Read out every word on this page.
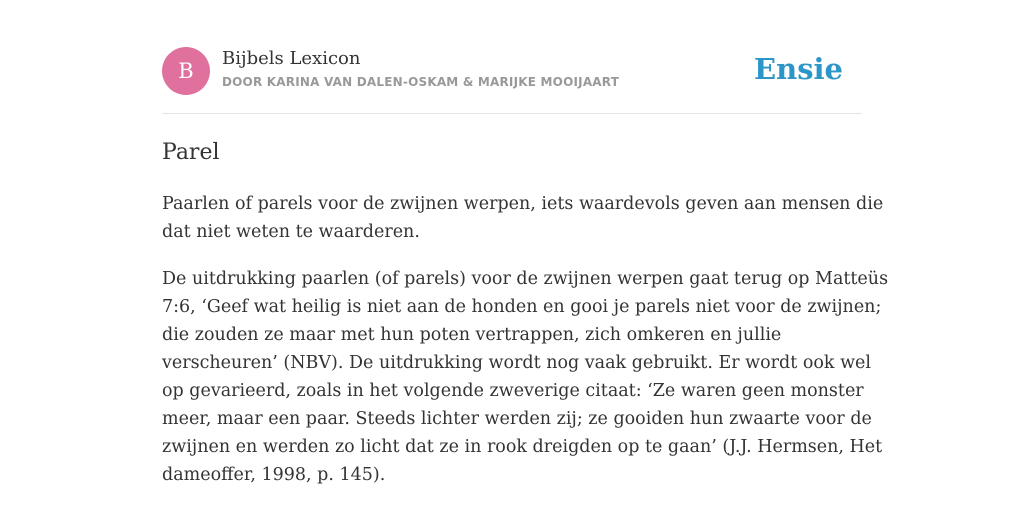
B
Bijbels Lexicon
DOOR KARINA VAN DALEN-OSKAM & MARIJKE MOOIJAART	Ensie
Parel
Paarlen of parels voor de zwijnen werpen, iets waardevols geven aan mensen die
dat niet weten te waarderen.
De uitdrukking paarlen (of parels) voor de zwijnen werpen gaat terug op Matteüs
7:6, ‘Geef wat heilig is niet aan de honden en gooi je parels niet voor de zwijnen;
die zouden ze maar met hun poten vertrappen, zich omkeren en jullie
verscheuren’ (NBV). De uitdrukking wordt nog vaak gebruikt. Er wordt ook wel
op gevarieerd, zoals in het volgende zweverige citaat: ‘Ze waren geen monster
meer, maar een paar. Steeds lichter werden zij; ze gooiden hun zwaarte voor de
zwijnen en werden zo licht dat ze in rook dreigden op te gaan’ (J.J. Hermsen, Het
dameoffer, 1998, p. 145).
